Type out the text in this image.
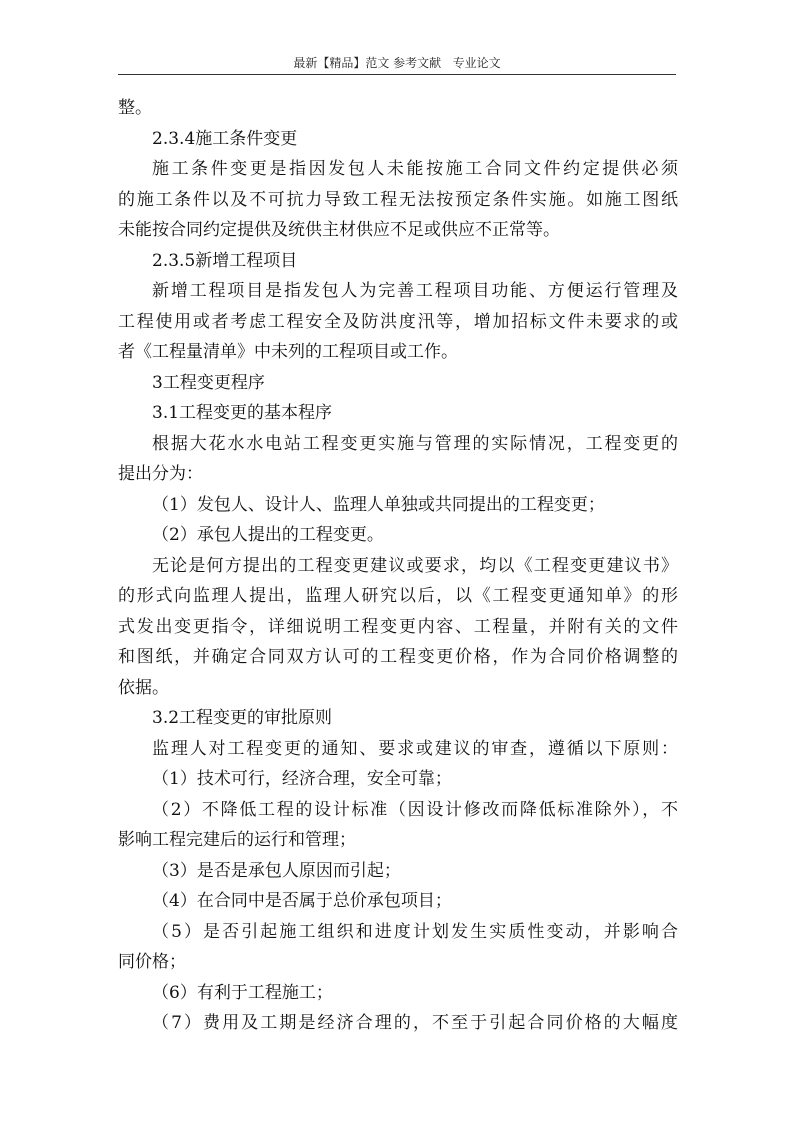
最新【精品】范文 参考文献   专业论文
整。
2.3.4施工条件变更
施工条件变更是指因发包人未能按施工合同文件约定提供必须
的施工条件以及不可抗力导致工程无法按预定条件实施。如施工图纸
未能按合同约定提供及统供主材供应不足或供应不正常等。
2.3.5新增工程项目
新增工程项目是指发包人为完善工程项目功能、方便运行管理及
工程使用或者考虑工程安全及防洪度汛等，增加招标文件未要求的或
者《工程量清单》中未列的工程项目或工作。
3工程变更程序
3.1工程变更的基本程序
根据大花水水电站工程变更实施与管理的实际情况，工程变更的
提出分为：
（1）发包人、设计人、监理人单独或共同提出的工程变更；
（2）承包人提出的工程变更。
无论是何方提出的工程变更建议或要求，均以《工程变更建议书》
的形式向监理人提出，监理人研究以后，以《工程变更通知单》的形
式发出变更指令，详细说明工程变更内容、工程量，并附有关的文件
和图纸，并确定合同双方认可的工程变更价格，作为合同价格调整的
依据。
3.2工程变更的审批原则
监理人对工程变更的通知、要求或建议的审查，遵循以下原则：
（1）技术可行，经济合理，安全可靠；
（2）不降低工程的设计标准（因设计修改而降低标准除外），不
影响工程完建后的运行和管理；
（3）是否是承包人原因而引起；
（4）在合同中是否属于总价承包项目；
（5）是否引起施工组织和进度计划发生实质性变动，并影响合
同价格；
（6）有利于工程施工；
（7）费用及工期是经济合理的，不至于引起合同价格的大幅度
